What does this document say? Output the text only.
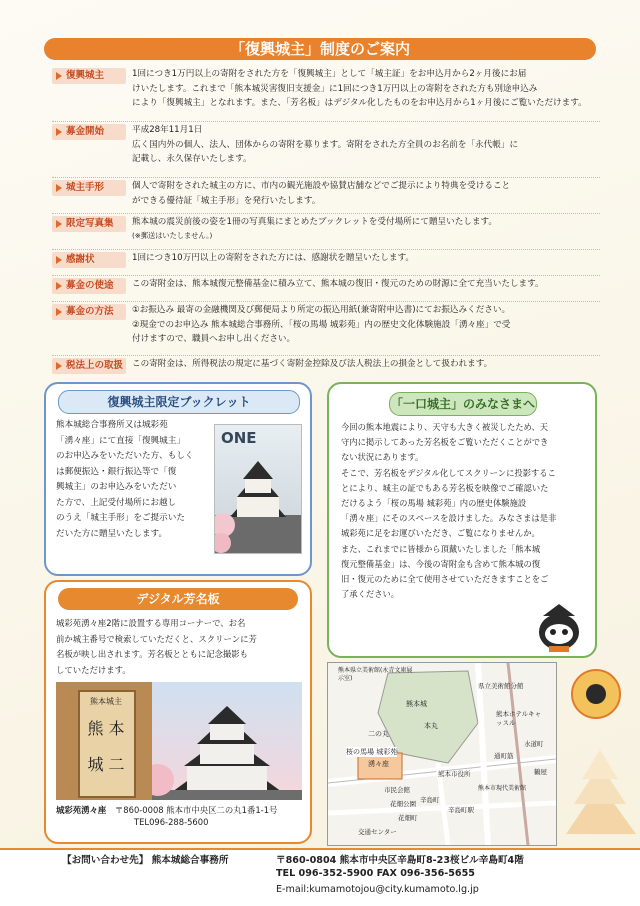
「復興城主」制度のご案内
復興城主	1回につき1万円以上の寄附をされた方を「復興城主」として「城主証」をお申込月から2ヶ月後にお届
けいたします。これまで「熊本城災害復旧支援金」に1回につき1万円以上の寄附をされた方も別途申込み
により「復興城主」となれます。また、「芳名板」はデジタル化したものをお申込月から1ヶ月後にご覧いただけます。
募金開始	平成28年11月1日
広く国内外の個人、法人、団体からの寄附を募ります。寄附をされた方全員のお名前を「永代帳」に
記載し、永久保存いたします。
城主手形	個人で寄附をされた城主の方に、市内の観光施設や協賛店舗などでご提示により特典を受けること
ができる優待証「城主手形」を発行いたします。
限定写真集	熊本城の震災前後の姿を1冊の写真集にまとめたブックレットを受付場所にて贈呈いたします。
(※郵送はいたしません。)
感謝状	1回につき10万円以上の寄附をされた方には、感謝状を贈呈いたします。
募金の使途	この寄附金は、熊本城復元整備基金に積み立て、熊本城の復旧・復元のための財源に全て充当いたします。
募金の方法	①お振込み 最寄の金融機関及び郵便局より所定の振込用紙(兼寄附申込書)にてお振込みください。
②現金でのお申込み 熊本城総合事務所、「桜の馬場 城彩苑」内の歴史文化体験施設「湧々座」で受
付けますので、職員へお申し出ください。
税法上の取扱	この寄附金は、所得税法の規定に基づく寄附金控除及び法人税法上の損金として扱われます。
復興城主限定ブックレット
熊本城総合事務所又は城彩苑
「湧々座」にて直接「復興城主」
のお申込みをいただいた方、もしく
は郵便振込・銀行振込等で「復
興城主」のお申込みをいただい
た方で、上記受付場所にお越し
のうえ「城主手形」をご提示いた
だいた方に贈呈いたします。
ONE
デジタル芳名板
城彩苑湧々座2階に設置する専用コーナーで、お名
前か城主番号で検索していただくと、スクリーンに芳
名板が映し出されます。芳名板とともに記念撮影も
していただけます。
熊本城主
熊 本
城 二
城彩苑湧々座 〒860-0008 熊本市中央区二の丸1番1-1号
TEL096-288-5600
「一口城主」のみなさまへ
今回の熊本地震により、天守も大きく被災したため、天
守内に掲示してあった芳名板をご覧いただくことができ
ない状況にあります。
そこで、芳名板をデジタル化してスクリーンに投影するこ
とにより、城主の証でもある芳名板を映像でご確認いた
だけるよう「桜の馬場 城彩苑」内の歴史体験施設
「湧々座」にそのスペースを設けました。みなさまは是非
城彩苑に足をお運びいただき、ご覧になりませんか。
また、これまでに皆様から頂戴いたしました「熊本城
復元整備基金」は、今後の寄附金も含めて熊本城の復
旧・復元のために全て使用させていただきますことをご
了承ください。
熊本城
本丸
二の丸
桜の馬場 城彩苑
湧々座
熊本市役所
市民会館
花畑町
辛島町
通町筋
水道町
熊本ホテルキャッスル
辛島町駅
県立美術館分館
花畑公園
交通センター
鶴屋
熊本県立美術館(永青文庫展示室)
熊本市現代美術館
【お問い合わせ先】 熊本城総合事務所	〒860-0804 熊本市中央区辛島町8-23桜ビル辛島町4階
TEL 096-352-5900 FAX 096-356-5655
E-mail:kumamotojou@city.kumamoto.lg.jp
